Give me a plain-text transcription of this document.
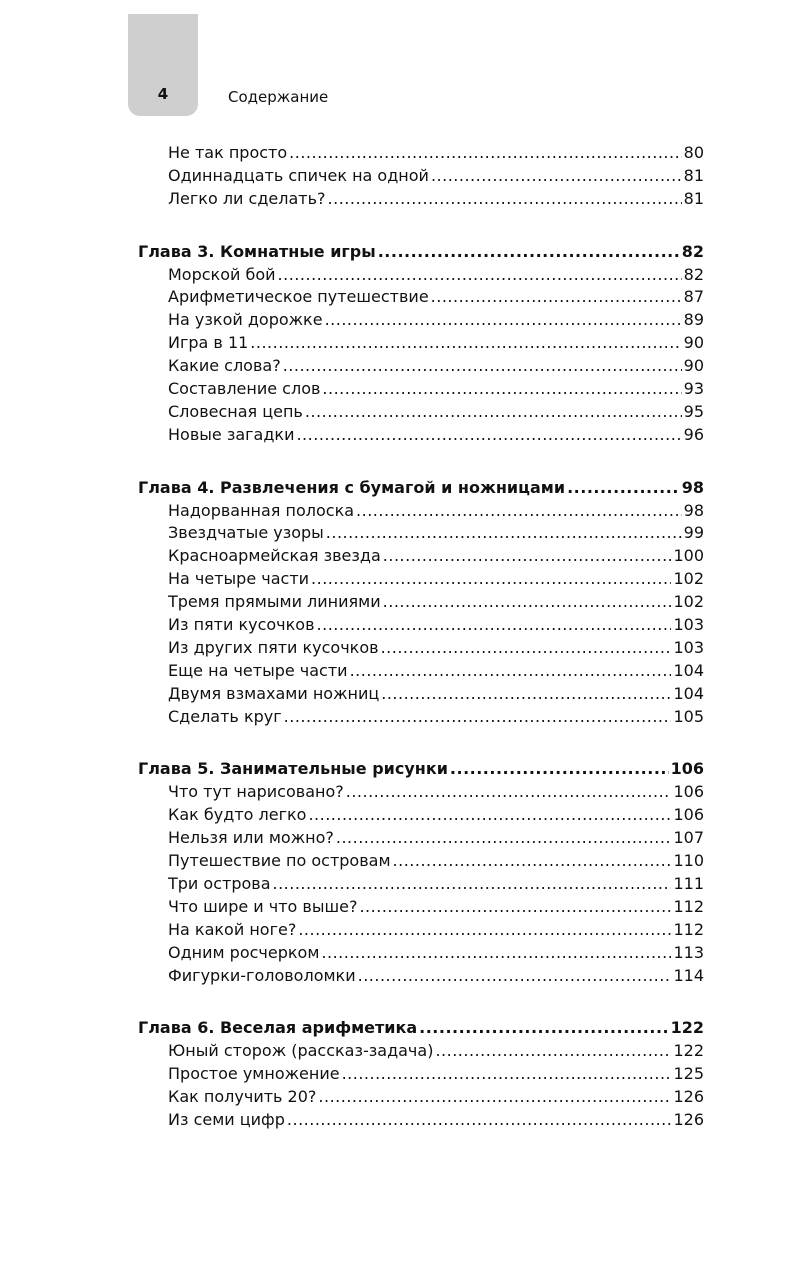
4	Содержание
Не так просто .....	80
Одиннадцать спичек на одной .....	81
Легко ли сделать? .....	81
Глава 3. Комнатные игры .....	82
Морской бой .....	82
Арифметическое путешествие .....	87
На узкой дорожке .....	89
Игра в 11 .....	90
Какие слова? .....	90
Составление слов .....	93
Словесная цепь .....	95
Новые загадки .....	96
Глава 4. Развлечения с бумагой и ножницами .....	98
Надорванная полоска .....	98
Звездчатые узоры .....	99
Красноармейская звезда .....	100
На четыре части .....	102
Тремя прямыми линиями .....	102
Из пяти кусочков .....	103
Из других пяти кусочков .....	103
Еще на четыре части .....	104
Двумя взмахами ножниц .....	104
Сделать круг .....	105
Глава 5. Занимательные рисунки .....	106
Что тут нарисовано? .....	106
Как будто легко .....	106
Нельзя или можно? .....	107
Путешествие по островам .....	110
Три острова .....	111
Что шире и что выше? .....	112
На какой ноге? .....	112
Одним росчерком .....	113
Фигурки-головоломки .....	114
Глава 6. Веселая арифметика .....	122
Юный сторож (рассказ-задача) .....	122
Простое умножение .....	125
Как получить 20? .....	126
Из семи цифр .....	126
